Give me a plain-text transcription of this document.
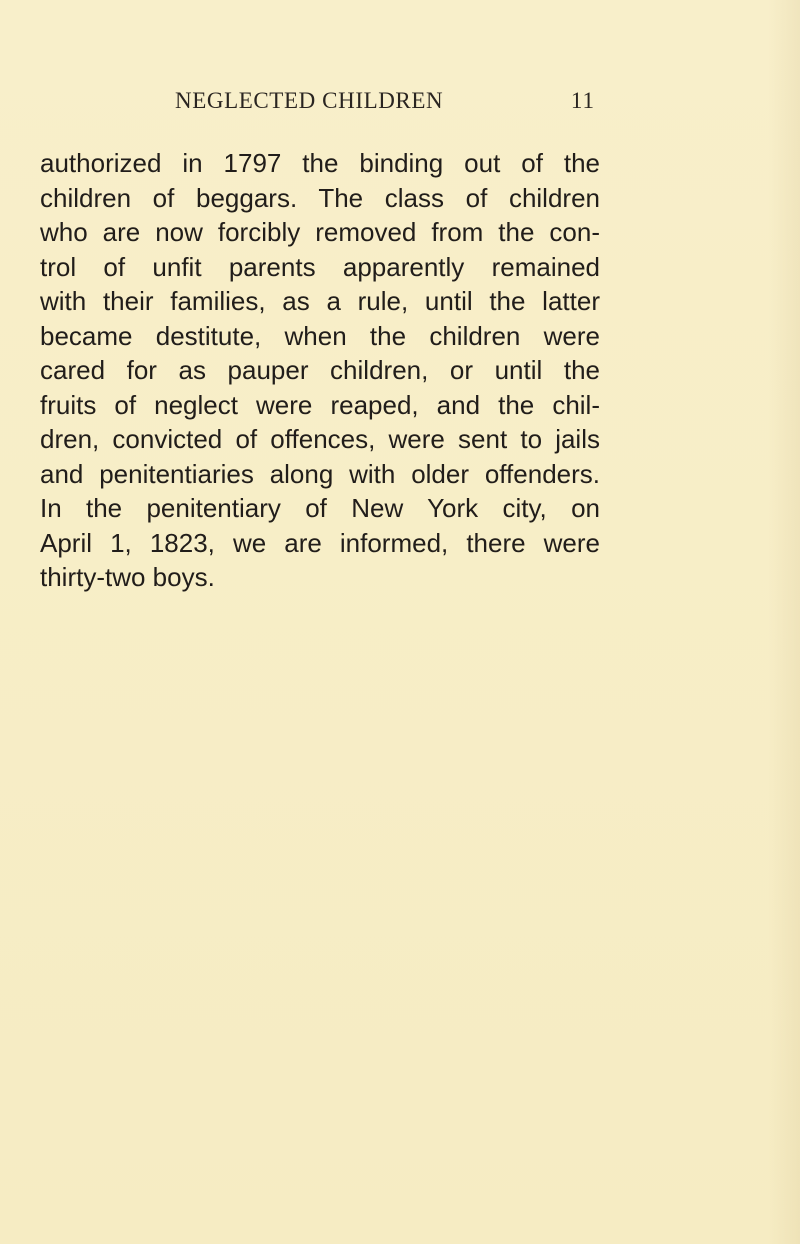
NEGLECTED CHILDREN	11
authorized in 1797 the binding out of the
children of beggars. The class of children
who are now forcibly removed from the con-
trol of unfit parents apparently remained
with their families, as a rule, until the latter
became destitute, when the children were
cared for as pauper children, or until the
fruits of neglect were reaped, and the chil-
dren, convicted of offences, were sent to jails
and penitentiaries along with older offenders.
In the penitentiary of New York city, on
April 1, 1823, we are informed, there were
thirty-two boys.
